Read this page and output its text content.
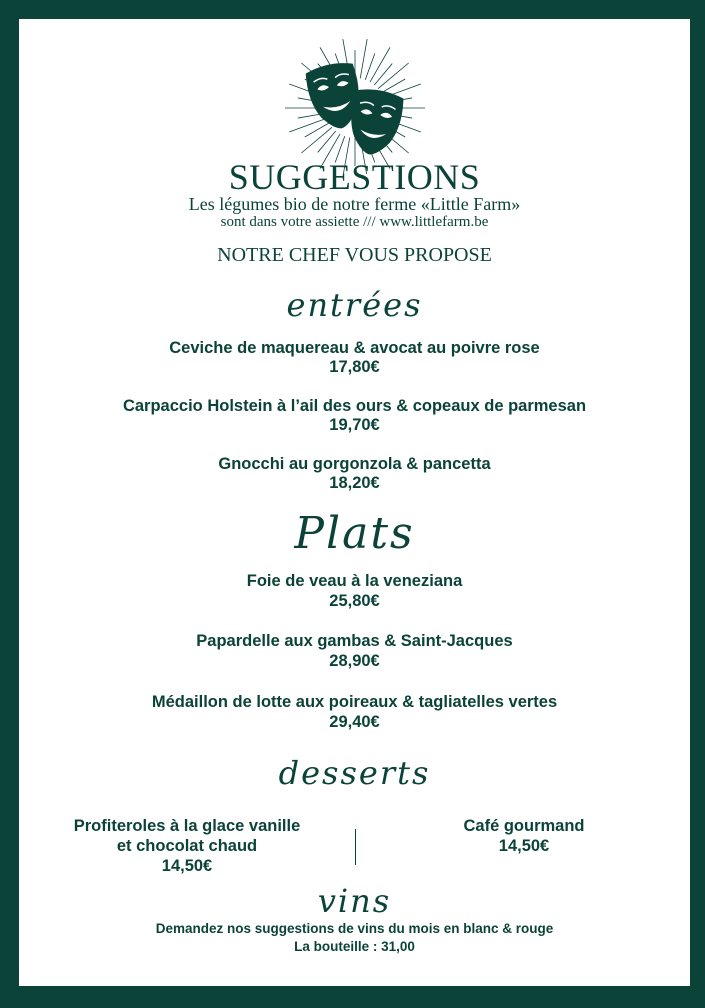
SUGGESTIONS
Les légumes bio de notre ferme «Little Farm»
sont dans votre assiette /// www.littlefarm.be
NOTRE CHEF VOUS PROPOSE
entrées
Ceviche de maquereau & avocat au poivre rose
17,80€
Carpaccio Holstein à l’ail des ours & copeaux de parmesan
19,70€
Gnocchi au gorgonzola & pancetta
18,20€
Plats
Foie de veau à la veneziana
25,80€
Papardelle aux gambas & Saint-Jacques
28,90€
Médaillon de lotte aux poireaux & tagliatelles vertes
29,40€
desserts
Profiteroles à la glace vanille
et chocolat chaud
14,50€
Café gourmand
14,50€
vins
Demandez nos suggestions de vins du mois en blanc & rouge
La bouteille : 31,00
